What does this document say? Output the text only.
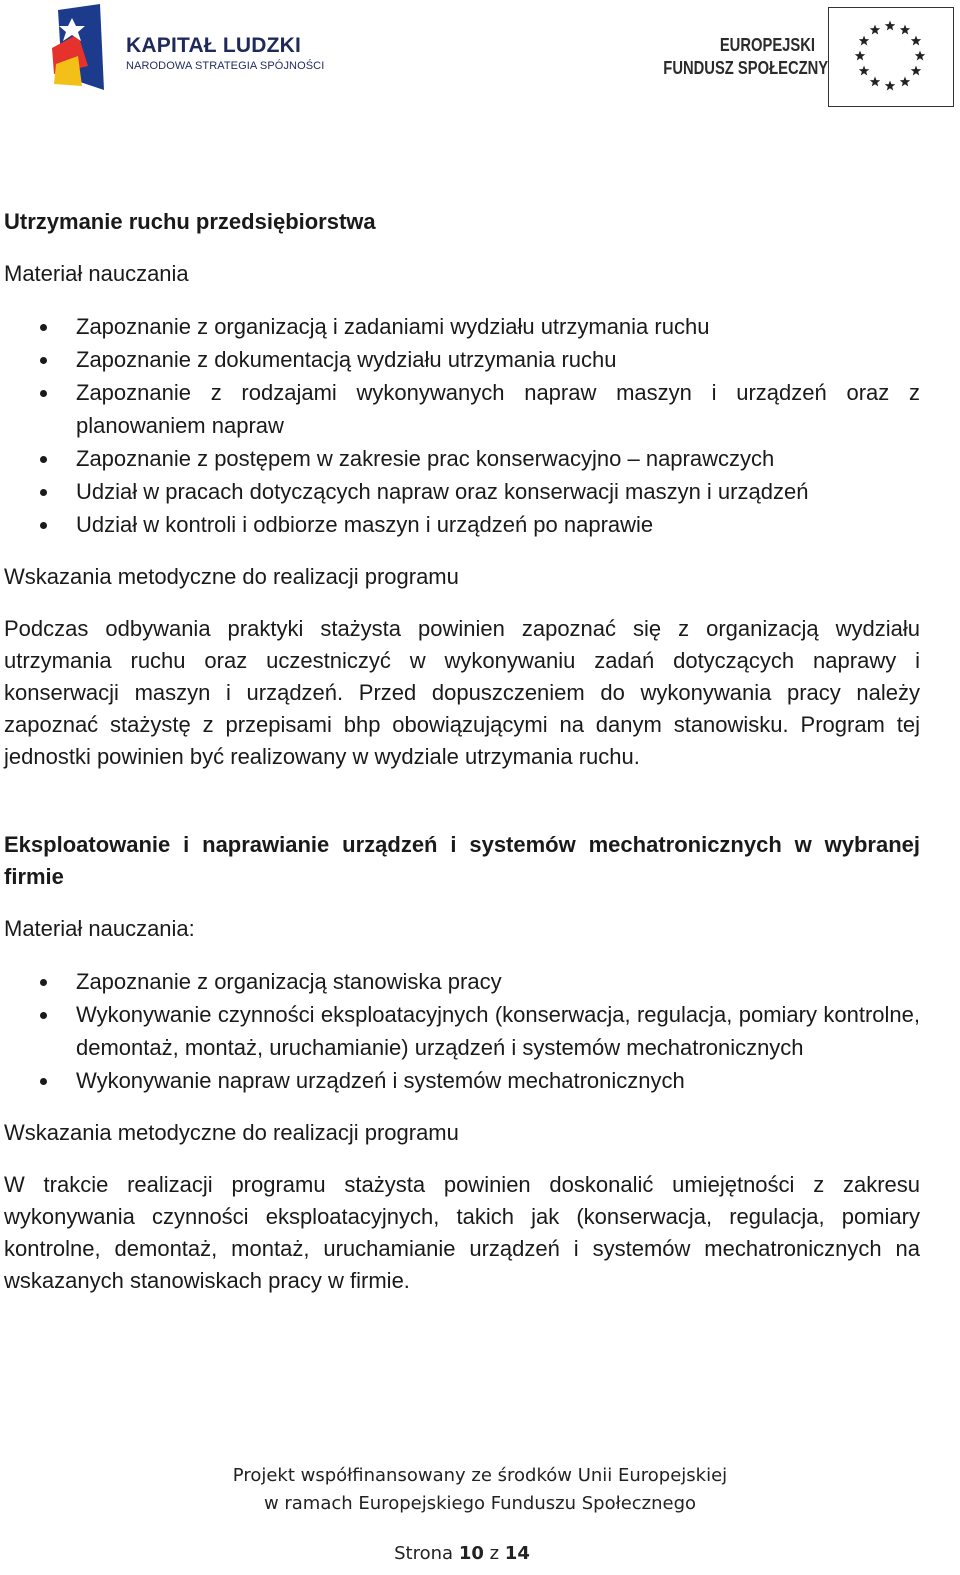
KAPITAŁ LUDZKI
NARODOWA STRATEGIA SPÓJNOŚCI
EUROPEJSKI
FUNDUSZ SPOŁECZNY
Utrzymanie ruchu przedsiębiorstwa
Materiał nauczania
Zapoznanie z organizacją i zadaniami wydziału utrzymania ruchu
Zapoznanie z dokumentacją wydziału utrzymania ruchu
Zapoznanie z rodzajami wykonywanych napraw maszyn i urządzeń oraz z planowaniem napraw
Zapoznanie z postępem w zakresie prac konserwacyjno – naprawczych
Udział w pracach dotyczących napraw oraz konserwacji maszyn i urządzeń
Udział w kontroli i odbiorze maszyn i urządzeń po naprawie
Wskazania metodyczne do realizacji programu

Podczas odbywania praktyki stażysta powinien zapoznać się z organizacją wydziału utrzymania ruchu oraz uczestniczyć w wykonywaniu zadań dotyczących naprawy i konserwacji maszyn i urządzeń. Przed dopuszczeniem do wykonywania pracy należy zapoznać stażystę z przepisami bhp obowiązującymi na danym stanowisku. Program tej jednostki powinien być realizowany w wydziale utrzymania ruchu.

Eksploatowanie i naprawianie urządzeń i systemów mechatronicznych w wybranej firmie
Materiał nauczania:
Zapoznanie z organizacją stanowiska pracy
Wykonywanie czynności eksploatacyjnych (konserwacja, regulacja, pomiary kontrolne, demontaż, montaż, uruchamianie) urządzeń i systemów mechatronicznych
Wykonywanie napraw urządzeń i systemów mechatronicznych
Wskazania metodyczne do realizacji programu

W trakcie realizacji programu stażysta powinien doskonalić umiejętności z zakresu wykonywania czynności eksploatacyjnych, takich jak (konserwacja, regulacja, pomiary kontrolne, demontaż, montaż, uruchamianie urządzeń i systemów mechatronicznych na wskazanych stanowiskach pracy w firmie.

Projekt współfinansowany ze środków Unii Europejskiej
w ramach Europejskiego Funduszu Społecznego
Strona 10 z 14
